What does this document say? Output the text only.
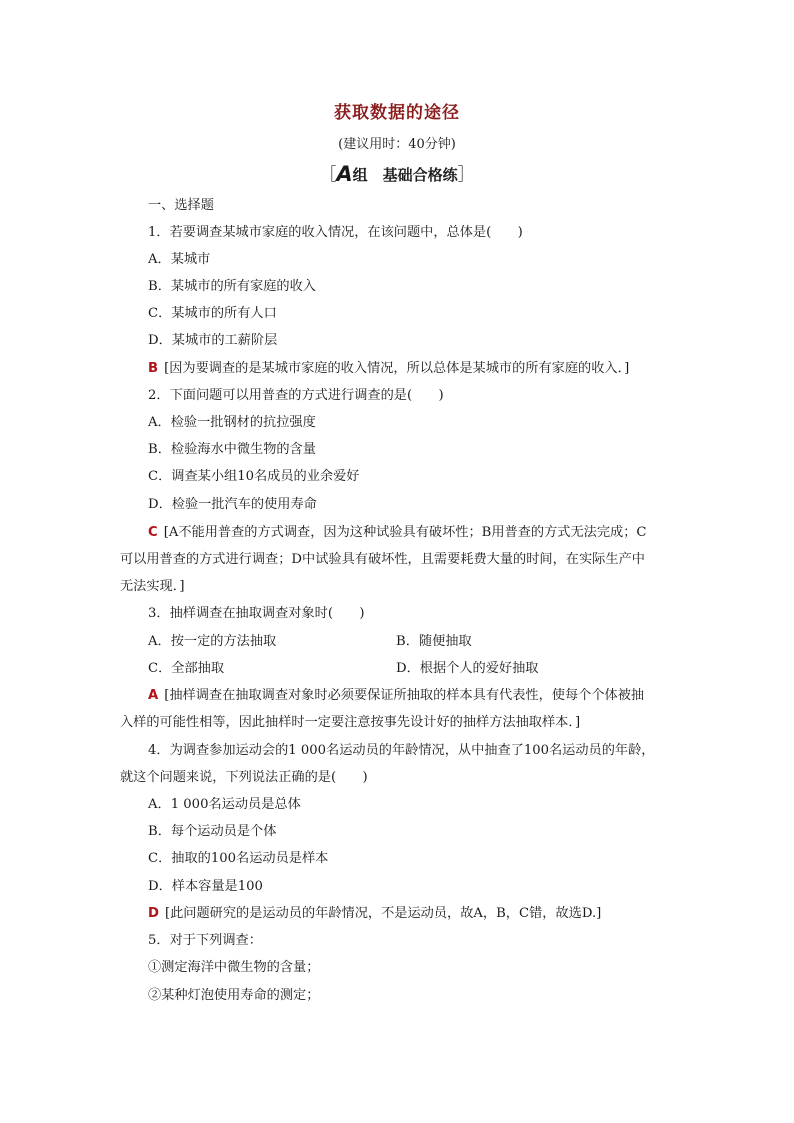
获取数据的途径
(建议用时：40分钟)
［A组　基础合格练］
一、选择题
1．若要调查某城市家庭的收入情况，在该问题中，总体是(　　)
A．某城市
B．某城市的所有家庭的收入
C．某城市的所有人口
D．某城市的工薪阶层
B [因为要调查的是某城市家庭的收入情况，所以总体是某城市的所有家庭的收入．]
2．下面问题可以用普查的方式进行调查的是(　　)
A．检验一批钢材的抗拉强度
B．检验海水中微生物的含量
C．调查某小组10名成员的业余爱好
D．检验一批汽车的使用寿命
C [A不能用普查的方式调查，因为这种试验具有破坏性；B用普查的方式无法完成；C
可以用普查的方式进行调查；D中试验具有破坏性，且需要耗费大量的时间，在实际生产中
无法实现．]
3．抽样调查在抽取调查对象时(　　)
A．按一定的方法抽取	B．随便抽取
C．全部抽取	D．根据个人的爱好抽取
A [抽样调查在抽取调查对象时必须要保证所抽取的样本具有代表性，使每个个体被抽
入样的可能性相等，因此抽样时一定要注意按事先设计好的抽样方法抽取样本．]
4．为调查参加运动会的1 000名运动员的年龄情况，从中抽查了100名运动员的年龄，
就这个问题来说，下列说法正确的是(　　)
A．1 000名运动员是总体
B．每个运动员是个体
C．抽取的100名运动员是样本
D．样本容量是100
D [此问题研究的是运动员的年龄情况，不是运动员，故A，B，C错，故选D.]
5．对于下列调查：
①测定海洋中微生物的含量；
②某种灯泡使用寿命的测定；
